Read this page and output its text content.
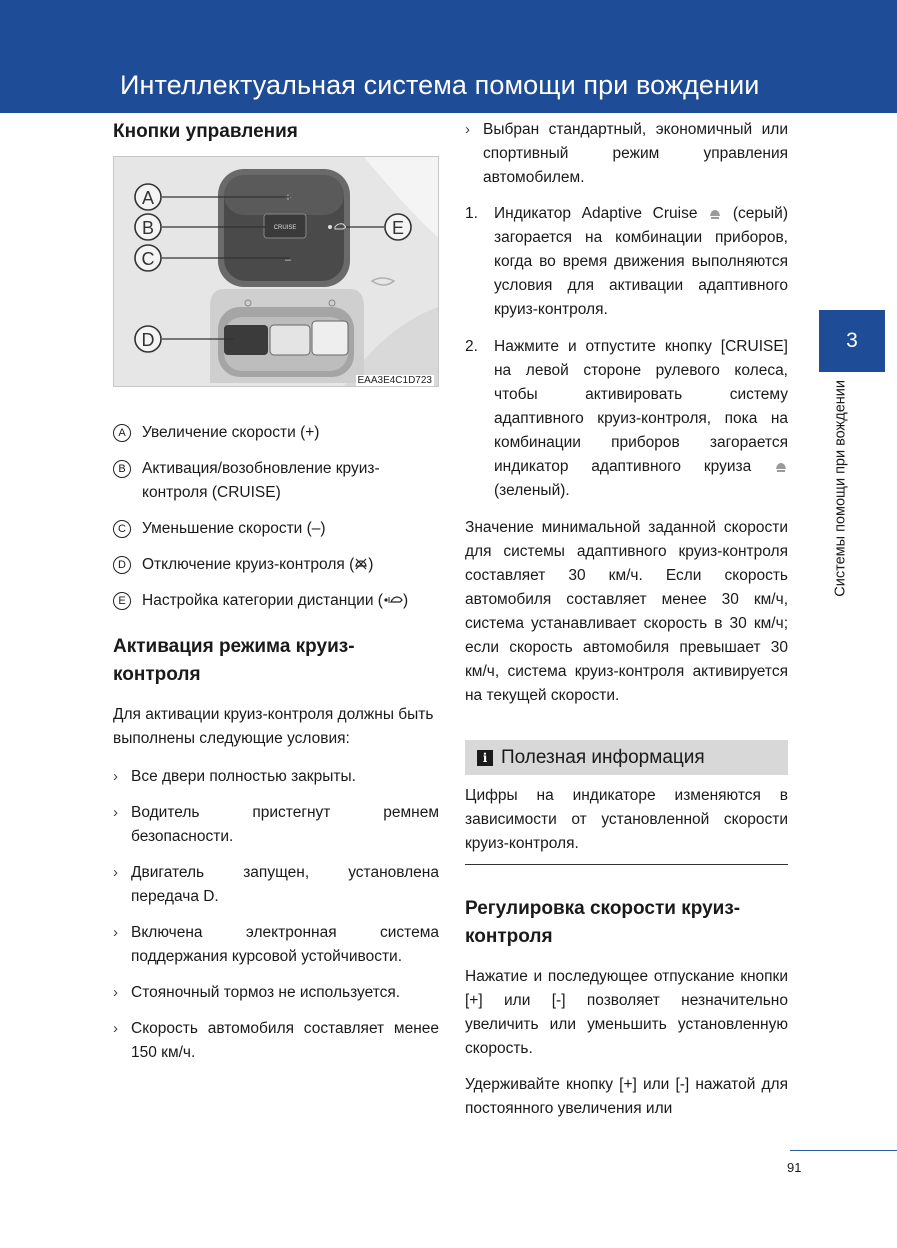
Интеллектуальная система помощи при вождении
Кнопки управления
CRUISE
+
–
A
B
C
D
E
EAA3E4C1D723
A	Увеличение скорости (+)
B	Активация/возобновление круиз-контроля (CRUISE)
C	Уменьшение скорости (–)
D	Отключение круиз-контроля ( )
E	Настройка категории дистанции ( )
Активация режима круиз-контроля

Для активации круиз-контроля должны быть выполнены следующие условия:

› Все двери полностью закрыты.
› Водитель пристегнут ремнем безопасности.
› Двигатель запущен, установлена передача D.
› Включена электронная система поддержания курсовой устойчивости.
› Стояночный тормоз не используется.
› Скорость автомобиля составляет менее 150 км/ч.
› Выбран стандартный, экономичный или спортивный режим управления автомобилем.
1. Индикатор Adaptive Cruise (серый) загорается на комбинации приборов, когда во время движения выполняются условия для активации адаптивного круиз-контроля.
2. Нажмите и отпустите кнопку [CRUISE] на левой стороне рулевого колеса, чтобы активировать систему адаптивного круиз-контроля, пока на комбинации приборов загорается индикатор адаптивного круиза  (зеленый).

Значение минимальной заданной скорости для системы адаптивного круиз-контроля составляет 30 км/ч. Если скорость автомобиля составляет менее 30 км/ч, система устанавливает скорость в 30 км/ч; если скорость автомобиля превышает 30 км/ч, система круиз-контроля активируется на текущей скорости.

i Полезная информация

Цифры на индикаторе изменяются в зависимости от установленной скорости круиз-контроля.

Регулировка скорости круиз-контроля

Нажатие и последующее отпускание кнопки [+] или [-] позволяет незначительно увеличить или уменьшить установленную скорость.

Удерживайте кнопку [+] или [-] нажатой для постоянного увеличения или

3
Системы помощи при вождении
91
